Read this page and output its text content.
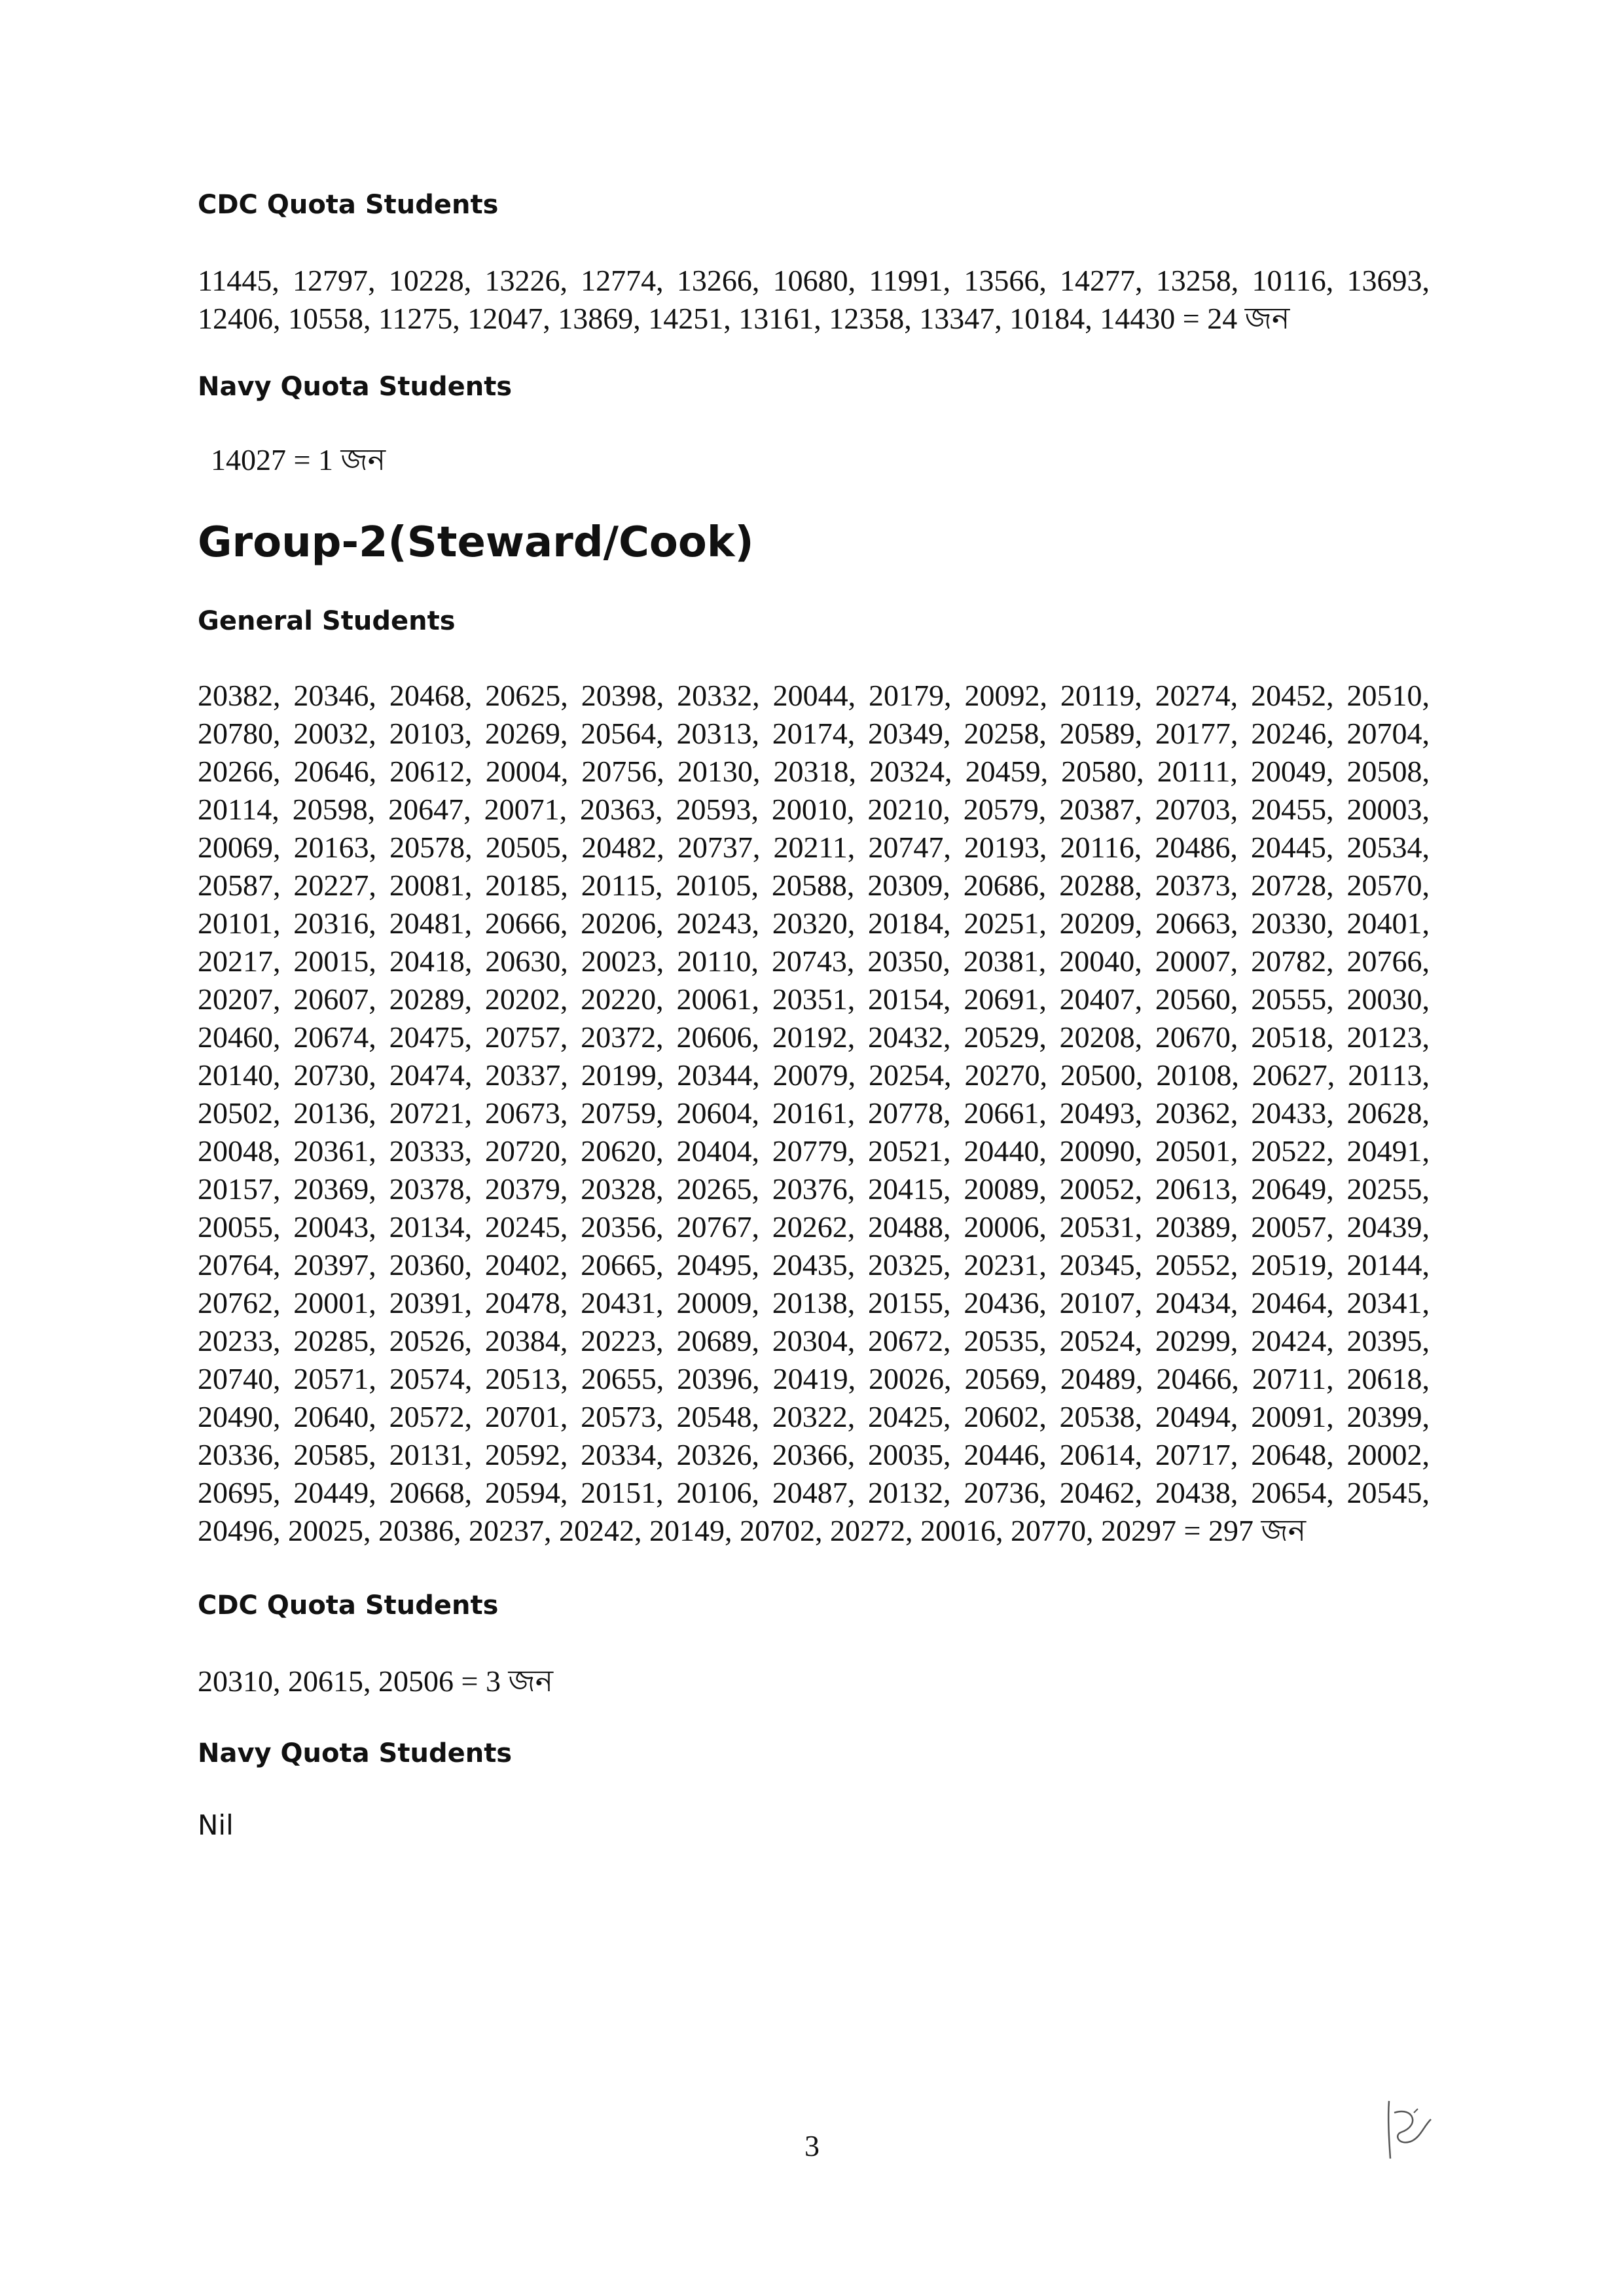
CDC Quota Students

11445, 12797, 10228, 13226, 12774, 13266, 10680, 11991, 13566, 14277, 13258, 10116, 13693, 12406, 10558, 11275, 12047, 13869, 14251, 13161, 12358, 13347, 10184, 14430 = 24 জন

Navy Quota Students

14027 = 1 জন

Group-2(Steward/Cook)
General Students

20382, 20346, 20468, 20625, 20398, 20332, 20044, 20179, 20092, 20119, 20274, 20452, 20510, 20780, 20032, 20103, 20269, 20564, 20313, 20174, 20349, 20258, 20589, 20177, 20246, 20704, 20266, 20646, 20612, 20004, 20756, 20130, 20318, 20324, 20459, 20580, 20111, 20049, 20508, 20114, 20598, 20647, 20071, 20363, 20593, 20010, 20210, 20579, 20387, 20703, 20455, 20003, 20069, 20163, 20578, 20505, 20482, 20737, 20211, 20747, 20193, 20116, 20486, 20445, 20534, 20587, 20227, 20081, 20185, 20115, 20105, 20588, 20309, 20686, 20288, 20373, 20728, 20570, 20101, 20316, 20481, 20666, 20206, 20243, 20320, 20184, 20251, 20209, 20663, 20330, 20401, 20217, 20015, 20418, 20630, 20023, 20110, 20743, 20350, 20381, 20040, 20007, 20782, 20766, 20207, 20607, 20289, 20202, 20220, 20061, 20351, 20154, 20691, 20407, 20560, 20555, 20030, 20460, 20674, 20475, 20757, 20372, 20606, 20192, 20432, 20529, 20208, 20670, 20518, 20123, 20140, 20730, 20474, 20337, 20199, 20344, 20079, 20254, 20270, 20500, 20108, 20627, 20113, 20502, 20136, 20721, 20673, 20759, 20604, 20161, 20778, 20661, 20493, 20362, 20433, 20628, 20048, 20361, 20333, 20720, 20620, 20404, 20779, 20521, 20440, 20090, 20501, 20522, 20491, 20157, 20369, 20378, 20379, 20328, 20265, 20376, 20415, 20089, 20052, 20613, 20649, 20255, 20055, 20043, 20134, 20245, 20356, 20767, 20262, 20488, 20006, 20531, 20389, 20057, 20439, 20764, 20397, 20360, 20402, 20665, 20495, 20435, 20325, 20231, 20345, 20552, 20519, 20144, 20762, 20001, 20391, 20478, 20431, 20009, 20138, 20155, 20436, 20107, 20434, 20464, 20341, 20233, 20285, 20526, 20384, 20223, 20689, 20304, 20672, 20535, 20524, 20299, 20424, 20395, 20740, 20571, 20574, 20513, 20655, 20396, 20419, 20026, 20569, 20489, 20466, 20711, 20618, 20490, 20640, 20572, 20701, 20573, 20548, 20322, 20425, 20602, 20538, 20494, 20091, 20399, 20336, 20585, 20131, 20592, 20334, 20326, 20366, 20035, 20446, 20614, 20717, 20648, 20002, 20695, 20449, 20668, 20594, 20151, 20106, 20487, 20132, 20736, 20462, 20438, 20654, 20545, 20496, 20025, 20386, 20237, 20242, 20149, 20702, 20272, 20016, 20770, 20297 = 297 জন

CDC Quota Students

20310, 20615, 20506 = 3 জন

Navy Quota Students

Nil

3
